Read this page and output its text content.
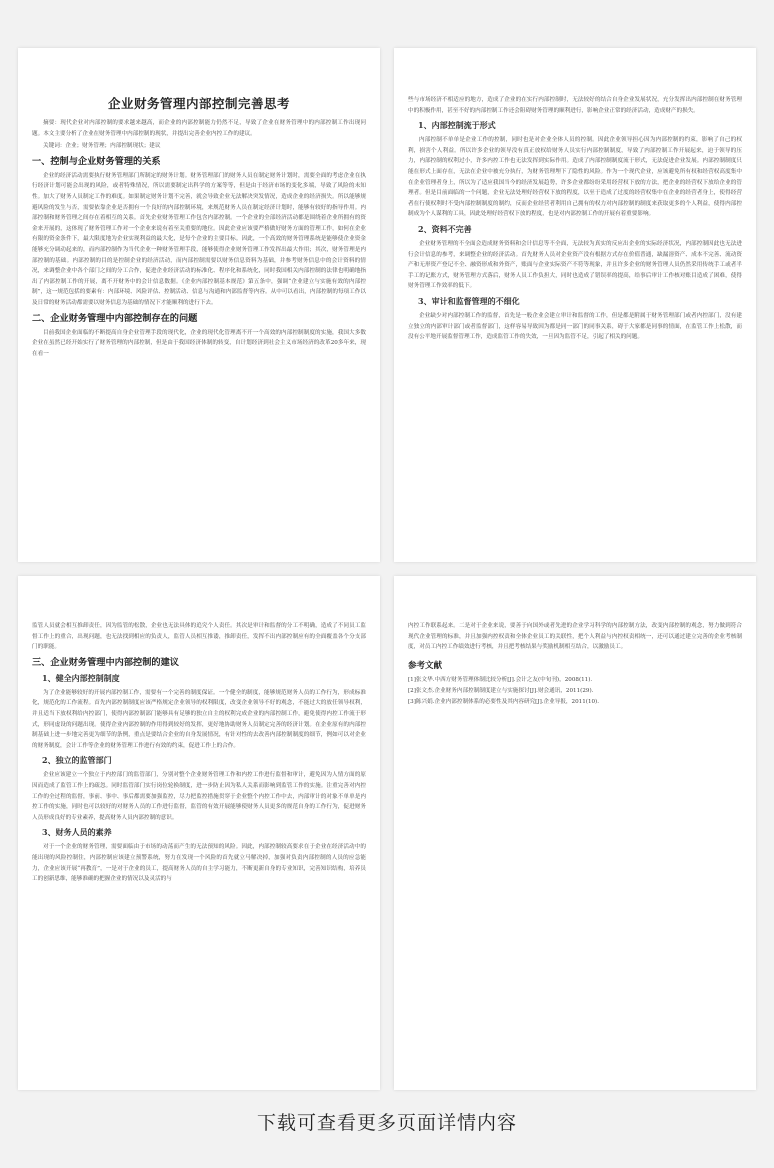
企业财务管理内部控制完善思考

摘要：现代企业对内部控制的要求越来越高，而企业的内部控制能力仍然不足，导致了企业在财务管理中的内部控制工作出现问题。本文主要分析了企业在财务管理中内部控制的现状，并提出完善企业内控工作的建议。

关键词：企业；财务管理；内部控制现状；建议

一、控制与企业财务管理的关系

企业的经济活动需要执行财务管理部门所制定的财务计划。财务管理部门的财务人员在制定财务计划时，需要全面的考虑企业在执行经济计划可能会出现的风险，或者特殊情况，所以需要制定出科学的方案等等，但是由于经济市场的变化多端，导致了风险的未知性。加大了财务人员制定工作的难度。如果制定财务计划不完善，就会导致企业无法解决突发情况，造成企业的经济损失。所以能够规避风险的发生与否，需要依靠企业是否拥有一个良好的内部控制环境，来规范财务人员在制定经济计划时，能够有较好的指导作用。内部控制和财务管理之间存在着相互的关系。首先企业财务管理工作包含内部控制。一个企业的全部经济活动都是围绕着企业所拥有的资金来开展的，这体现了财务管理工作对一个企业来说有着至关重要的地位。因此企业应该要严格做好财务方面的管理工作，如何在企业有限的资金条件下，最大限度地为企业实现利益的最大化，是每个企业的主要目标。因此，一个高效的财务管理系统是能够使企业资金能够充分调动起来的，而内部控制作为当代企业一种财务管理手段，能够使得企业财务管理工作发挥出最大作用；其次，财务管理是内部控制的基础。内部控制的目的是控制企业的经济活动，而内部控制需要以财务信息资料为基础，并参考财务信息中的会计资料的情况，来调整企业中各个部门之间的分工合作，促进企业经济活动的标准化、程序化和系统化，同时我国相关内部控制的法律也明确地指出了内部控制工作的开展，离不开财务中的会计信息数据。《企业内部控制基本规范》第五条中，强调“企业建立与实施有效的内部控制”，这一规范包括的要素有：内部环境、风险评估、控制活动、信息与沟通和内部监督等内容。从中可以看出，内部控制的每项工作以及日常的财务活动都需要以财务信息为基础的情况下才能顺利的进行下去。

二、企业财务管理中内部控制存在的问题

目前我国企业面临的不断提高自身企业管理手段的现代化，企业的现代化管理离不开一个高效的内部控制制度的实施，我国大多数企业在虽然已经开始实行了财务管理的内部控制，但是由于我国经济体制的转变，自计划经济到社会主义市场经济的改革20多年来，现在看一

些与市场经济不相适应的地方，造成了企业的在实行内部控制时，无法较好的结合自身企业发展状况，充分发挥出内部控制在财务管理中的积极作用，甚至不好的内部控制工作还会阻碍财务管理的顺利进行，影响企业正常的经济活动，造成财产的损失。

1、内部控制流于形式

内部控制不单单是企业工作的控制，同时也是对企业全体人员的控制。因此企业领导担心因为内部控制的约束，影响了自己的权利，损害个人利益。所以许多企业的领导没有真正放权给财务人员实行内部控制制度，导致了内部控制工作开展起来，迫于领导的压力，内部控制的权利过小，许多内控工作也无法发挥到实际作用。造成了内部控制制度流于形式，无法促进企业发展。内部控制制度只能在形式上面存在，无法在企业中被充分执行，为财务管理埋下了隐性的风险。作为一个现代企业，应该避免所有权和经营权高度集中在企业管理者身上，所以为了适应我国当今的经济发展趋势，许多企业都纷纷采用经营权下放的方法，把企业的经营权下放给企业的管理者。但是目前面临的一个问题，企业无法处理好经营权下放的程度，以至于造成了过度的经营权集中在企业的经营者身上，使得经营者在行使权利时不受内部控制制度的制约，反而企业经营者利用自己拥有的权力对内部控制的制度来获取更多的个人利益，使得内部控制成为个人谋利的工具，因此处理好经营权下放的程度，也是对内部控制工作的开展有着重要影响。

2、资料不完善

企业财务管理的不全面会造成财务资料和会计信息等不全面，无法较为真实的反应出企业的实际经济状况，内部控制因此也无法进行会计信息的参考，来调整企业的经济活动。首先财务人员对企业资产没有根据方式存在价值普通，缺漏溶资产、成本不完善、流动资产和无形资产登记不全、融资形成和外资产，账面与企业实际资产不符等现象，并且许多企业的财务管理人员仍然采用传统手工或者半手工的记账方式，财务管理方式落后，财务人员工作负担大，同时也造成了错误率的提高，给事后审计工作核对账目造成了困难，使得财务管理工作效率的低下。

3、审计和监督管理的不细化

企业缺少对内部控制工作的监督，首先是一般企业会建立审计和监督的工作，但是都是附属于财务管理部门或者内控部门，没有建立独立的内部审计部门或者监督部门，这样容易导致因为都是同一部门的同事关系，碍于大家都是同事的情面，在监管工作上松散，而没有公平地开展监督管理工作，造成监管工作的失效，一旦因为监管不足，引起了相关的问题。

监管人员就会相互推卸责任，因为监管的松散，企业也无法具体的追究个人责任。其次是审计和监督的分工不明确，造成了不同员工监督工作上的重合，出现问题，也无法找到相应的负责人，监管人员相互推诿，推卸责任，发挥不出内部控制应有的全面覆盖各个分支部门的职能。

三、企业财务管理中内部控制的建议
1、健全内部控制制度

为了企业能够较好的开展内部控制工作，需要有一个完善的制度保证。一个健全的制度，能够规范财务人员的工作行为，形成标准化，规范化的工作流程。首先内部控制制度应该严格规定企业领导的权利限度，改变企业领导不好的观念，不能过大的放任领导权利，并且适当下放权利给内控部门，使得内部控制部门能够具有足够的独立自主的权利完成企业的内部控制工作，避免使得内控工作流于形式，形同虚设的问题出现。使得企业内部控制的作用得到较好的发挥，更好地协助财务人员制定完善的经济计划。在企业原有的内部控制基础上进一步地完善更为细节的条例，重点是要结合企业的自身发展情况，有针对性的去改善内部控制制度的细节，例如可以对企业的财务制度，会计工作等企业的财务管理工作进行有效的约束，促进工作上的合作。

2、独立的监管部门

企业应该建立一个独立于内控部门的监管部门，分别对整个企业财务管理工作和内控工作进行监督和审计，避免因为人情方面的原因而造成了监管工作上的疏忽。同时监管部门实行岗位轮换制度，进一步防止因为私人关系而影响到监管工作的实施。注重完善对内控工作的全过程的监督，事前、事中、事后都需要加强监控，尽力把监控措施贯穿于企业整个内控工作中去，内部审计的对象不单单是内控工作的实施，同时也可以较好的对财务人员的工作进行监督，监管的有效开展能够使财务人员更多的规范自身的工作行为，促进财务人员形成良好的专业素养，提高财务人员内部控制的意识。

3、财务人员的素养

对于一个企业的财务管理，需要面临由于市场的动荡而产生的无法预知的风险。因此，内部控制较高要求在于企业在经济活动中的能出现的风险控制住，内部控制应该建立预警系统，努力在发现一个风险的首先就立马解决掉，加强对负责内部控制的人员的应急能力，企业应该开展“再教育”，一是对于企业的员工，提高财务人员的自主学习能力，不断更新自身的专业知识，完善知识结构，培养员工的创新思维，能够准确的把握企业的情况以及灵活的与

内控工作联系起来。二是对于企业来说，要善于向国外或者先进的企业学习科学的内部控制方法，改变内部控制的观念，努力做到符合现代企业管理的标准，并且加强内控权责和全体企业员工的关联性，把个人利益与内控权责相统一，还可以通过建立完善的企业考核制度，对员工内控工作绩效进行考核，并且把考核结果与奖励机制相互结合，以激励员工。

参考文献

[1]张文华.中西方财务管理体制比较分析[J].会计之友(中旬刊)，2008(11).

[2]张文杰.企业财务内部控制制度建立与实施探讨[J].财会通讯，2011(29).

[3]陈兴娟.企业内部控制体系的必要性及其内容研究[J].企业导报，2011(10).

下载可查看更多页面详情内容
